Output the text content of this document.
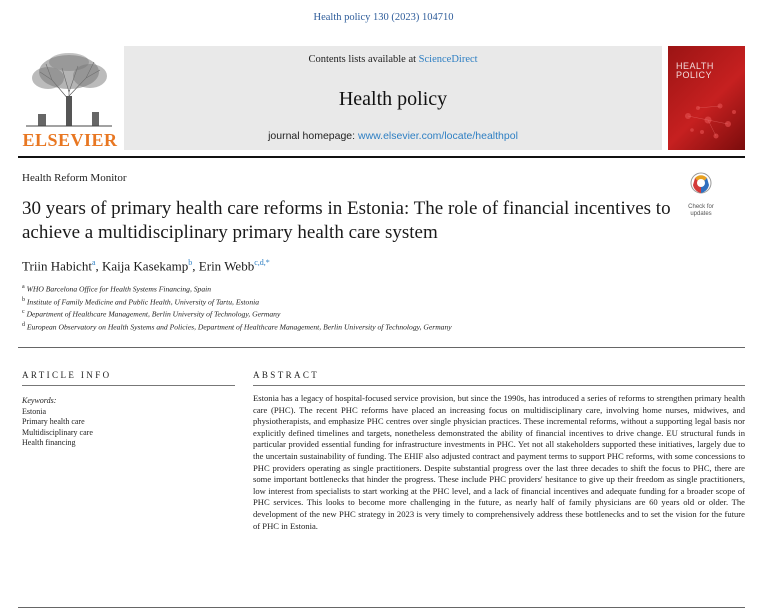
Health policy 130 (2023) 104710
ELSEVIER
Contents lists available at ScienceDirect
Health policy
journal homepage: www.elsevier.com/locate/healthpol
HEALTH
POLICY
Health Reform Monitor
Check for
updates
30 years of primary health care reforms in Estonia: The role of financial incentives to achieve a multidisciplinary primary health care system
Triin Habicht$^a$, Kaija Kasekamp$^b$, Erin Webb$^{c,d,*}$
$^a$ WHO Barcelona Office for Health Systems Financing, Spain
$^b$ Institute of Family Medicine and Public Health, University of Tartu, Estonia
$^c$ Department of Healthcare Management, Berlin University of Technology, Germany
$^d$ European Observatory on Health Systems and Policies, Department of Healthcare Management, Berlin University of Technology, Germany
ARTICLE INFO
Keywords:
Estonia
Primary health care
Multidisciplinary care
Health financing
ABSTRACT
Estonia has a legacy of hospital-focused service provision, but since the 1990s, has introduced a series of reforms to strengthen primary health care (PHC). The recent PHC reforms have placed an increasing focus on multidisciplinary care, involving home nurses, midwives, and physiotherapists, and emphasize PHC centres over single physician practices. These incremental reforms, without a supporting legal basis nor explicitly defined timelines and targets, nonetheless demonstrated the ability of financial incentives to drive change. EU structural funds in particular provided essential funding for infrastructure investments in PHC. Yet not all stakeholders supported these initiatives, largely due to the uncertain sustainability of funding. The EHIF also adjusted contract and payment terms to support PHC reforms, with some concessions to PHC providers operating as single practitioners. Despite substantial progress over the last three decades to shift the focus to PHC, there are some important bottlenecks that hinder the progress. These include PHC providers' hesitance to give up their freedom as single practitioners, low interest from specialists to start working at the PHC level, and a lack of financial incentives and adequate funding for a broader scope of PHC services. This looks to become more challenging in the future, as nearly half of family physicians are 60 years old or older. The development of the new PHC strategy in 2023 is very timely to comprehensively address these bottlenecks and to set the vision for the future of PHC in Estonia.
